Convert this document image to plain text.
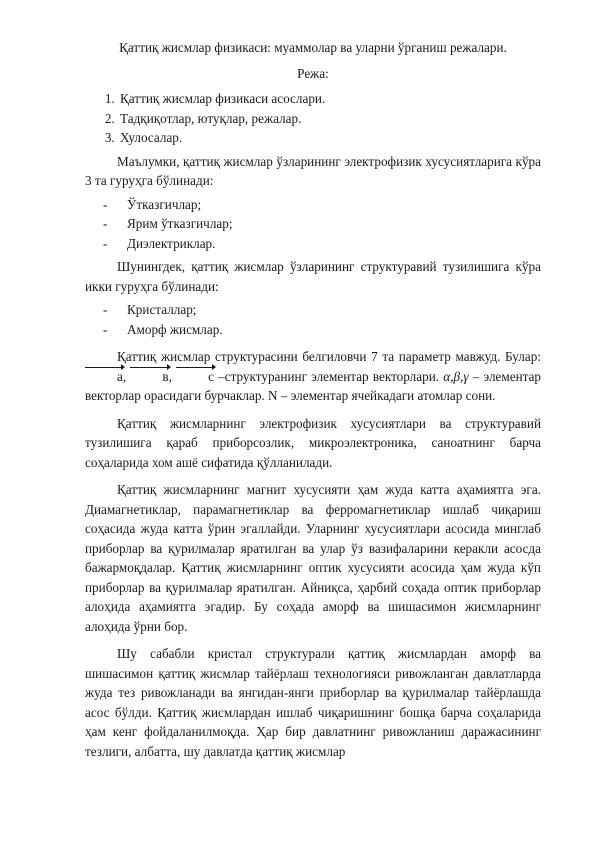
Қаттиқ жисмлар физикаси: муаммолар ва уларни ўрганиш режалари.
Режа:
1. Қаттиқ жисмлар физикаси асослари.
2. Тадқиқотлар, ютуқлар, режалар.
3. Хулосалар.

Маълумки, қаттиқ жисмлар ўзларининг электрофизик хусусиятларига кўра 3 та гуруҳга бўлинади:

- Ўтказгичлар;
- Ярим ўтказгичлар;
- Диэлектриклар.

Шунингдек, қаттиқ жисмлар ўзларининг структуравий тузилишига кўра икки гуруҳга бўлинади:

- Кристаллар;
- Аморф жисмлар.

Қаттиқ жисмлар структурасини белгиловчи 7 та параметр мавжуд. Булар: a, в, c –структуранинг элементар векторлари. α,β,γ – элементар векторлар орасидаги бурчаклар. N – элементар ячейкадаги атомлар сони.

Қаттиқ жисмларнинг электрофизик хусусиятлари ва структуравий тузилишига қараб приборсозлик, микроэлектроника, саноатнинг барча соҳаларида хом ашё сифатида қўлланилади.

Қаттиқ жисмларнинг магнит хусусияти ҳам жуда катта аҳамиятга эга. Диамагнетиклар, парамагнетиклар ва ферромагнетиклар ишлаб чиқариш соҳасида жуда катта ўрин эгаллайди. Уларнинг хусусиятлари асосида минглаб приборлар ва қурилмалар яратилган ва улар ўз вазифаларини керакли асосда бажармоқдалар. Қаттиқ жисмларнинг оптик хусусияти асосида ҳам жуда кўп приборлар ва қурилмалар яратилган. Айниқса, ҳарбий соҳада оптик приборлар алоҳида аҳамиятга эгадир. Бу соҳада аморф ва шишасимон жисмларнинг алоҳида ўрни бор.

Шу сабабли кристал структурали қаттиқ жисмлардан аморф ва шишасимон қаттиқ жисмлар тайёрлаш технологияси ривожланган давлатларда жуда тез ривожланади ва янгидан-янги приборлар ва қурилмалар тайёрлашда асос бўлди. Қаттиқ жисмлардан ишлаб чиқаришнинг бошқа барча соҳаларида ҳам кенг фойдаланилмоқда. Ҳар бир давлатнинг ривожланиш даражасининг тезлиги, албатта, шу давлатда қаттиқ жисмлар
